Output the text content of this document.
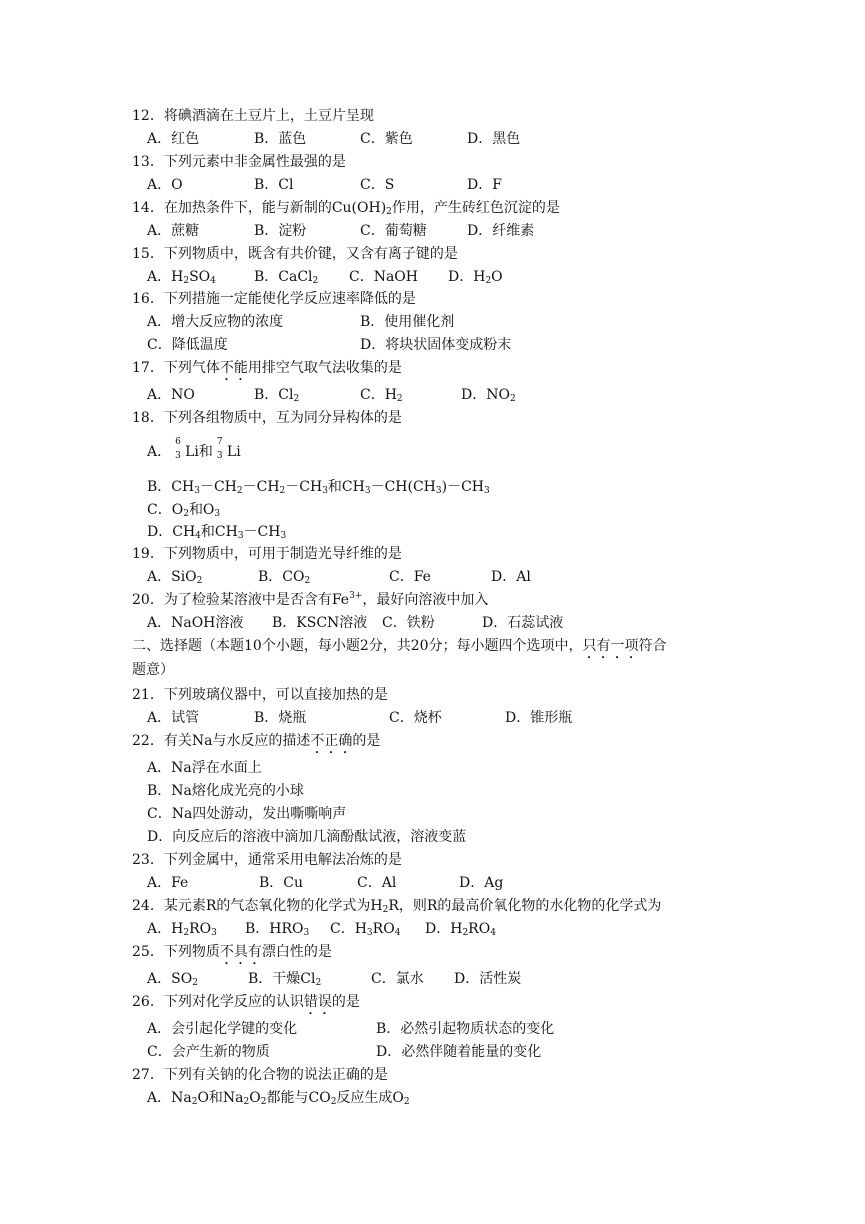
12．将碘酒滴在土豆片上，土豆片呈现
A．红色	B．蓝色	C．紫色	D．黑色
13．下列元素中非金属性最强的是
A．O	B．Cl	C．S	D．F
14．在加热条件下，能与新制的$Cu(OH)_2$作用，产生砖红色沉淀的是
A．蔗糖	B．淀粉	C．葡萄糖	D．纤维素
15．下列物质中，既含有共价键，又含有离子键的是
A．$H_2SO_4$	B．CaCl$_2$ C．NaOH D．$H_2O$
16．下列措施一定能使化学反应速率降低的是
A．增大反应物的浓度	B．使用催化剂
C．降低温度	D．将块状固体变成粉末
17．下列气体不能用排空气取气法收集的是
A．NO	B．$Cl_2$	C．$H_2$	D．$NO_2$
18．下列各组物质中，互为同分异构体的是
A．
6
3 Li和
7
3 Li
B．$CH_3-CH_2-CH_2-CH_3$和$CH_3-CH(CH_3)-CH_3$
C．$O_2$和$O_3$
D．$CH_4$和$CH_3-CH_3$
19．下列物质中，可用于制造光导纤维的是
A．SiO$_2$	B．$CO_2$	C．Fe	D．Al
20．为了检验某溶液中是否含有$Fe^{3+}$，最好向溶液中加入
A．NaOH溶液 B．KSCN溶液 C．铁粉	D．石蕊试液
二、选择题（本题10个小题，每小题2分，共20分；每小题四个选项中，只有一项符合
题意）
21．下列玻璃仪器中，可以直接加热的是
A．试管	B．烧瓶	C．烧杯	D．锥形瓶
22．有关Na与水反应的描述不正确的是
A．Na浮在水面上
B．Na熔化成光亮的小球
C．Na四处游动，发出嘶嘶响声
D．向反应后的溶液中滴加几滴酚酞试液，溶液变蓝
23．下列金属中，通常采用电解法冶炼的是
A．Fe	B．Cu	C．Al	D．Ag
24．某元素R的气态氧化物的化学式为$H_2R$，则R的最高价氧化物的水化物的化学式为
A．$H_2RO_3$ B．$HRO_3$ C．$H_3RO_4$ D．$H_2RO_4$
25．下列物质不具有漂白性的是
A．$SO_2$	B．干燥$Cl_2$	C．氯水 D．活性炭
26．下列对化学反应的认识错误的是
A．会引起化学键的变化	B．必然引起物质状态的变化
C．会产生新的物质	D．必然伴随着能量的变化
27．下列有关钠的化合物的说法正确的是
A．$Na_2O$和$Na_2O_2$都能与$CO_2$反应生成$O_2$
